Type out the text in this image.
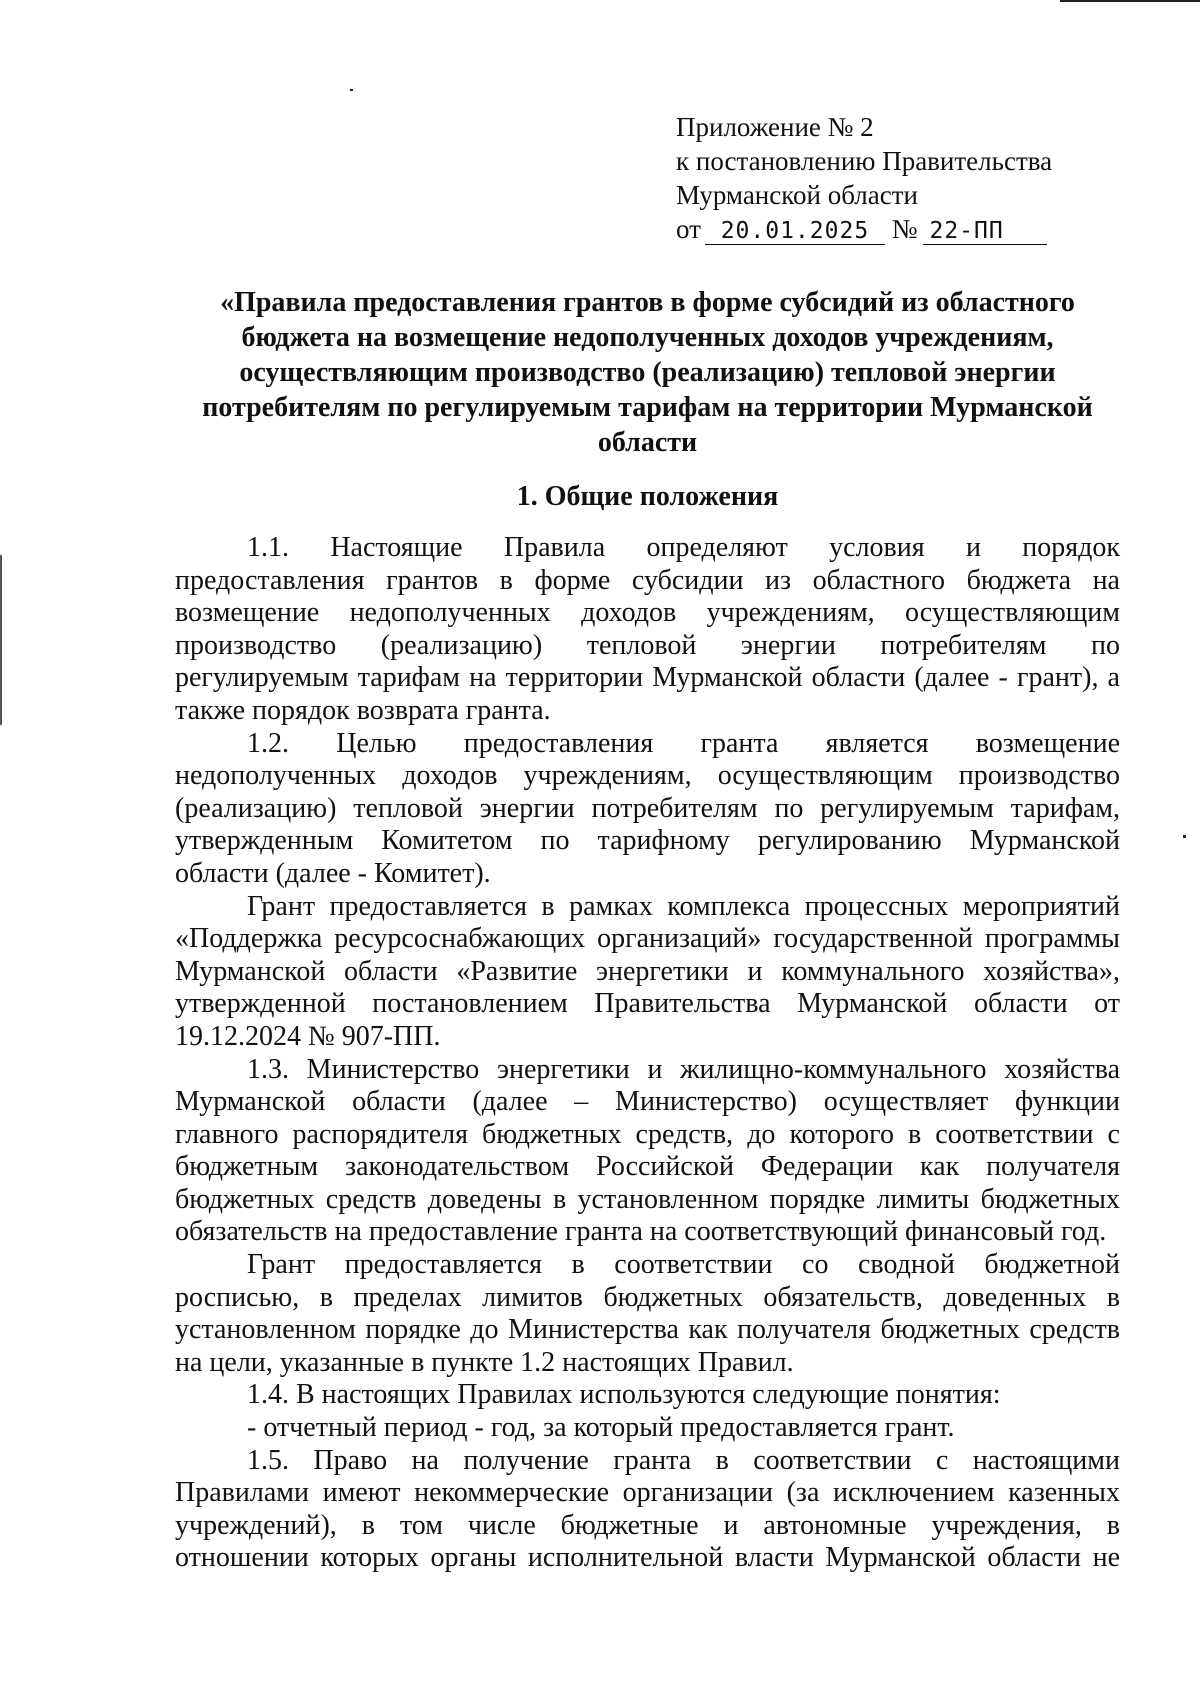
Приложение № 2
к постановлению Правительства
Мурманской области
от 20.01.2025 № 22-ПП
«Правила предоставления грантов в форме субсидий из областного
бюджета на возмещение недополученных доходов учреждениям,
осуществляющим производство (реализацию) тепловой энергии
потребителям по регулируемым тарифам на территории Мурманской
области
1. Общие положения
1.1. Настоящие Правила определяют условия и порядок
предоставления грантов в форме субсидии из областного бюджета на
возмещение недополученных доходов учреждениям, осуществляющим
производство (реализацию) тепловой энергии потребителям по
регулируемым тарифам на территории Мурманской области (далее - грант), а
также порядок возврата гранта.
1.2. Целью предоставления гранта является возмещение
недополученных доходов учреждениям, осуществляющим производство
(реализацию) тепловой энергии потребителям по регулируемым тарифам,
утвержденным Комитетом по тарифному регулированию Мурманской
области (далее - Комитет).
Грант предоставляется в рамках комплекса процессных мероприятий
«Поддержка ресурсоснабжающих организаций» государственной программы
Мурманской области «Развитие энергетики и коммунального хозяйства»,
утвержденной постановлением Правительства Мурманской области от
19.12.2024 № 907-ПП.
1.3. Министерство энергетики и жилищно-коммунального хозяйства
Мурманской области (далее – Министерство) осуществляет функции
главного распорядителя бюджетных средств, до которого в соответствии с
бюджетным законодательством Российской Федерации как получателя
бюджетных средств доведены в установленном порядке лимиты бюджетных
обязательств на предоставление гранта на соответствующий финансовый год.
Грант предоставляется в соответствии со сводной бюджетной
росписью, в пределах лимитов бюджетных обязательств, доведенных в
установленном порядке до Министерства как получателя бюджетных средств
на цели, указанные в пункте 1.2 настоящих Правил.
1.4. В настоящих Правилах используются следующие понятия:
- отчетный период - год, за который предоставляется грант.
1.5. Право на получение гранта в соответствии с настоящими
Правилами имеют некоммерческие организации (за исключением казенных
учреждений), в том числе бюджетные и автономные учреждения, в
отношении которых органы исполнительной власти Мурманской области не
